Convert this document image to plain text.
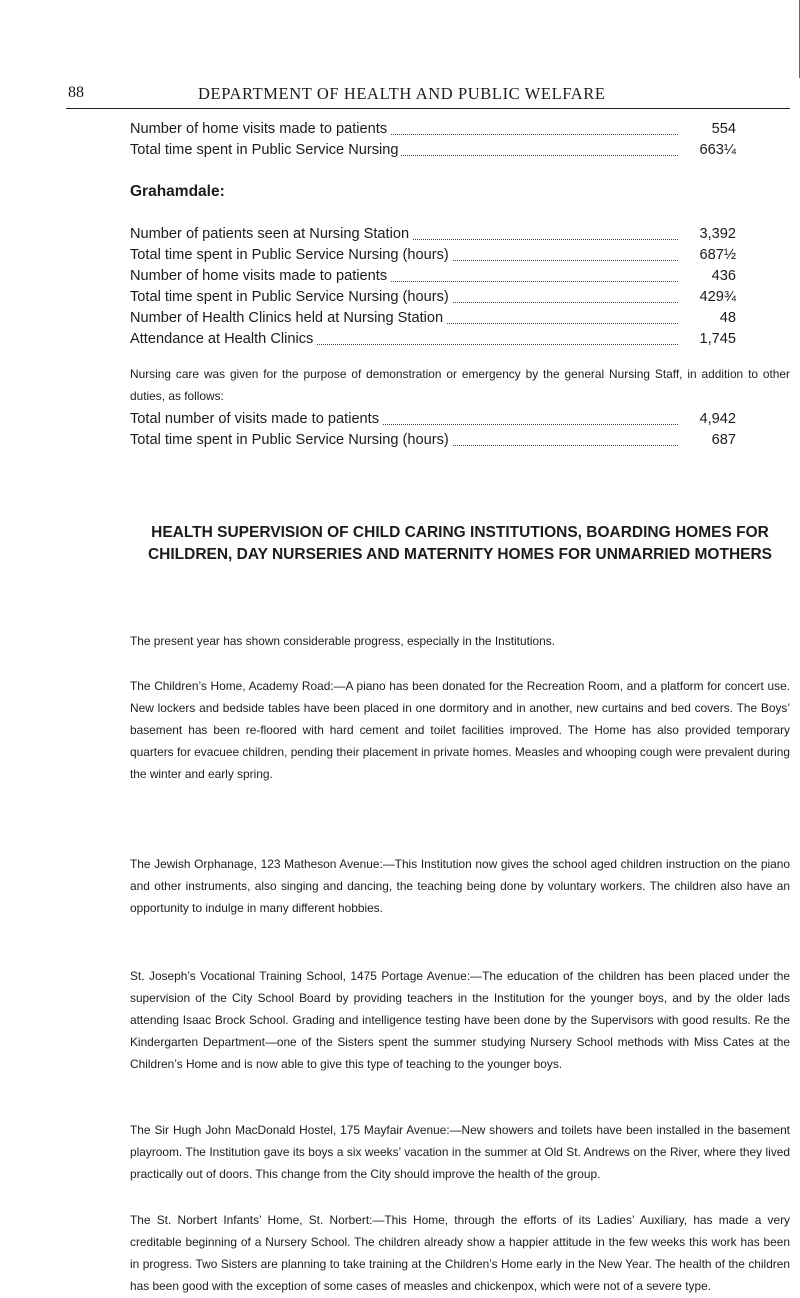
88	DEPARTMENT OF HEALTH AND PUBLIC WELFARE
Number of home visits made to patients	554
Total time spent in Public Service Nursing	663¼
Grahamdale:
Number of patients seen at Nursing Station	3,392
Total time spent in Public Service Nursing (hours)	687½
Number of home visits made to patients	436
Total time spent in Public Service Nursing (hours)	429¾
Number of Health Clinics held at Nursing Station	48
Attendance at Health Clinics	1,745

Nursing care was given for the purpose of demonstration or emergency by the general Nursing Staff, in addition to other duties, as follows:

Total number of visits made to patients	4,942
Total time spent in Public Service Nursing (hours)	687
HEALTH SUPERVISION OF CHILD CARING INSTITUTIONS, BOARDING HOMES FOR CHILDREN, DAY NURSERIES AND MATERNITY HOMES FOR UNMARRIED MOTHERS

The present year has shown considerable progress, especially in the Institutions.

The Children’s Home, Academy Road:—A piano has been donated for the Recreation Room, and a platform for concert use. New lockers and bedside tables have been placed in one dormitory and in another, new curtains and bed covers. The Boys’ basement has been re-floored with hard cement and toilet facilities improved. The Home has also provided temporary quarters for evacuee children, pending their placement in private homes. Measles and whooping cough were prevalent during the winter and early spring.

The Jewish Orphanage, 123 Matheson Avenue:—This Institution now gives the school aged children instruction on the piano and other instruments, also singing and dancing, the teaching being done by voluntary workers. The children also have an opportunity to indulge in many different hobbies.

St. Joseph’s Vocational Training School, 1475 Portage Avenue:—The education of the children has been placed under the supervision of the City School Board by providing teachers in the Institution for the younger boys, and by the older lads attending Isaac Brock School. Grading and intelligence testing have been done by the Supervisors with good results. Re the Kindergarten Department—one of the Sisters spent the summer studying Nursery School methods with Miss Cates at the Children’s Home and is now able to give this type of teaching to the younger boys.

The Sir Hugh John MacDonald Hostel, 175 Mayfair Avenue:—New showers and toilets have been installed in the basement playroom. The Institution gave its boys a six weeks’ vacation in the summer at Old St. Andrews on the River, where they lived practically out of doors. This change from the City should improve the health of the group.

The St. Norbert Infants’ Home, St. Norbert:—This Home, through the efforts of its Ladies’ Auxiliary, has made a very creditable beginning of a Nursery School. The children already show a happier attitude in the few weeks this work has been in progress. Two Sisters are planning to take training at the Children’s Home early in the New Year. The health of the children has been good with the exception of some cases of measles and chickenpox, which were not of a severe type.
